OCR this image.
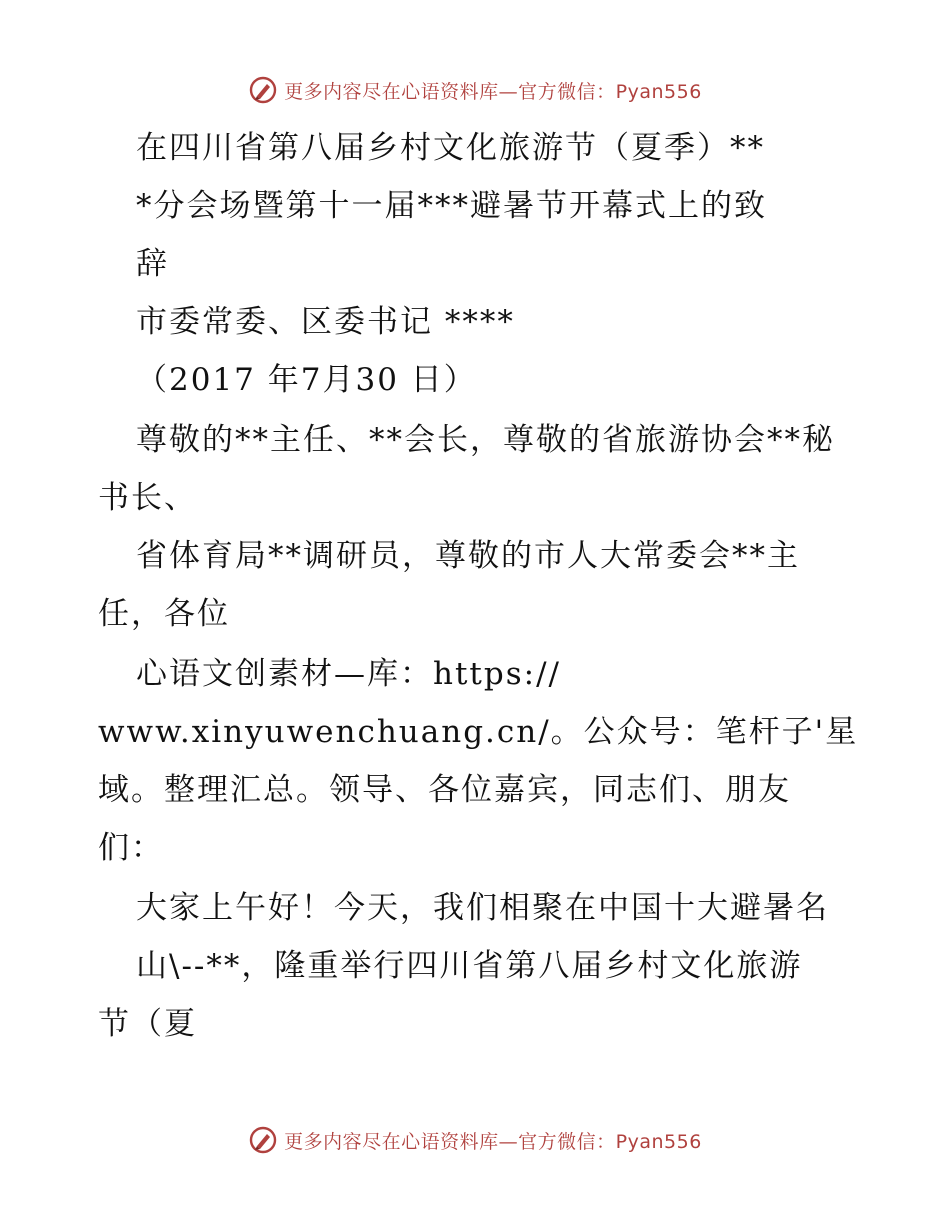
更多内容尽在心语资料库—官方微信：Pyan556
在四川省第八届乡村文化旅游节（夏季）**
*分会场暨第十一届***避暑节开幕式上的致
辞
市委常委、区委书记 ****
（2017 年7月30 日）
尊敬的**主任、**会长，尊敬的省旅游协会**秘
书长、
省体育局**调研员，尊敬的市人大常委会**主
任，各位
心语文创素材—库：https://
www.xinyuwenchuang.cn/。公众号：笔杆子'星
域。整理汇总。领导、各位嘉宾，同志们、朋友
们：
大家上午好！今天，我们相聚在中国十大避暑名
山\--**，隆重举行四川省第八届乡村文化旅游
节（夏
更多内容尽在心语资料库—官方微信：Pyan556
